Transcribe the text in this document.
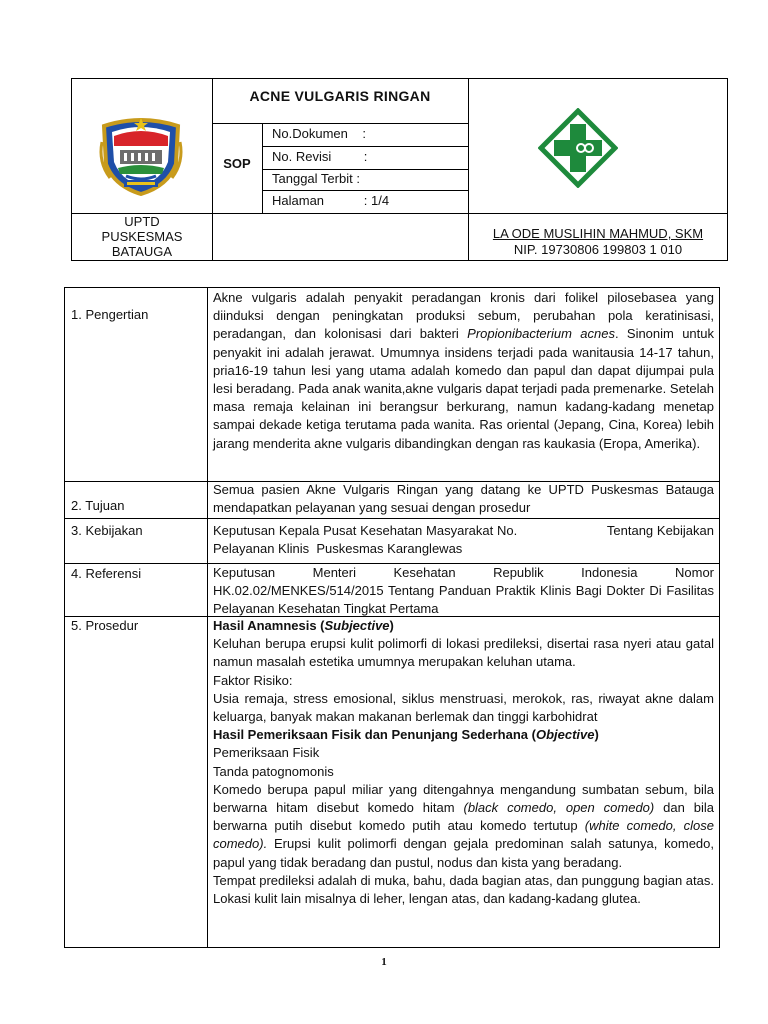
ACNE VULGARIS RINGAN
SOP
No.Dokumen    :
No. Revisi         :
Tanggal Terbit :
Halaman           : 1/4
UPTD
PUSKESMAS
BATAUGA
LA ODE MUSLIHIN MAHMUD, SKM
NIP. 19730806 199803 1 010
1. Pengertian

Akne vulgaris adalah penyakit peradangan kronis dari folikel pilosebasea yang diinduksi dengan peningkatan produksi sebum, perubahan pola keratinisasi, peradangan, dan kolonisasi dari bakteri Propionibacterium acnes. Sinonim untuk penyakit ini adalah jerawat. Umumnya insidens terjadi pada wanitausia 14-17 tahun, pria16-19 tahun lesi yang utama adalah komedo dan papul dan dapat dijumpai pula lesi beradang. Pada anak wanita,akne vulgaris dapat terjadi pada premenarke. Setelah masa remaja kelainan ini berangsur berkurang, namun kadang-kadang menetap sampai dekade ketiga terutama pada wanita. Ras oriental (Jepang, Cina, Korea) lebih jarang menderita akne vulgaris dibandingkan dengan ras kaukasia (Eropa, Amerika).

2. Tujuan
Semua pasien Akne Vulgaris Ringan yang datang ke UPTD Puskesmas Batauga mendapatkan pelayanan yang sesuai dengan prosedur
3. Kebijakan	Keputusan Kepala Pusat Kesehatan Masyarakat No.                        Tentang Kebijakan Pelayanan Klinis  Puskesmas Karanglewas
4. Referensi	Keputusan Menteri Kesehatan Republik Indonesia Nomor HK.02.02/MENKES/514/2015 Tentang Panduan Praktik Klinis Bagi Dokter Di Fasilitas Pelayanan Kesehatan Tingkat Pertama
5. Prosedur	Hasil Anamnesis (Subjective)

Keluhan berupa erupsi kulit polimorfi di lokasi predileksi, disertai rasa nyeri atau gatal namun masalah estetika umumnya merupakan keluhan utama.

Faktor Risiko:

Usia remaja, stress emosional, siklus menstruasi, merokok, ras, riwayat akne dalam keluarga, banyak makan makanan berlemak dan tinggi karbohidrat

Hasil Pemeriksaan Fisik dan Penunjang Sederhana (Objective)

Pemeriksaan Fisik

Tanda patognomonis

Komedo berupa papul miliar yang ditengahnya mengandung sumbatan sebum, bila berwarna hitam disebut komedo hitam (black comedo, open comedo) dan bila berwarna putih disebut komedo putih atau komedo tertutup (white comedo, close comedo). Erupsi kulit polimorfi dengan gejala predominan salah satunya, komedo, papul yang tidak beradang dan pustul, nodus dan kista yang beradang.

Tempat predileksi adalah di muka, bahu, dada bagian atas, dan punggung bagian atas. Lokasi kulit lain misalnya di leher, lengan atas, dan kadang-kadang glutea.

1
